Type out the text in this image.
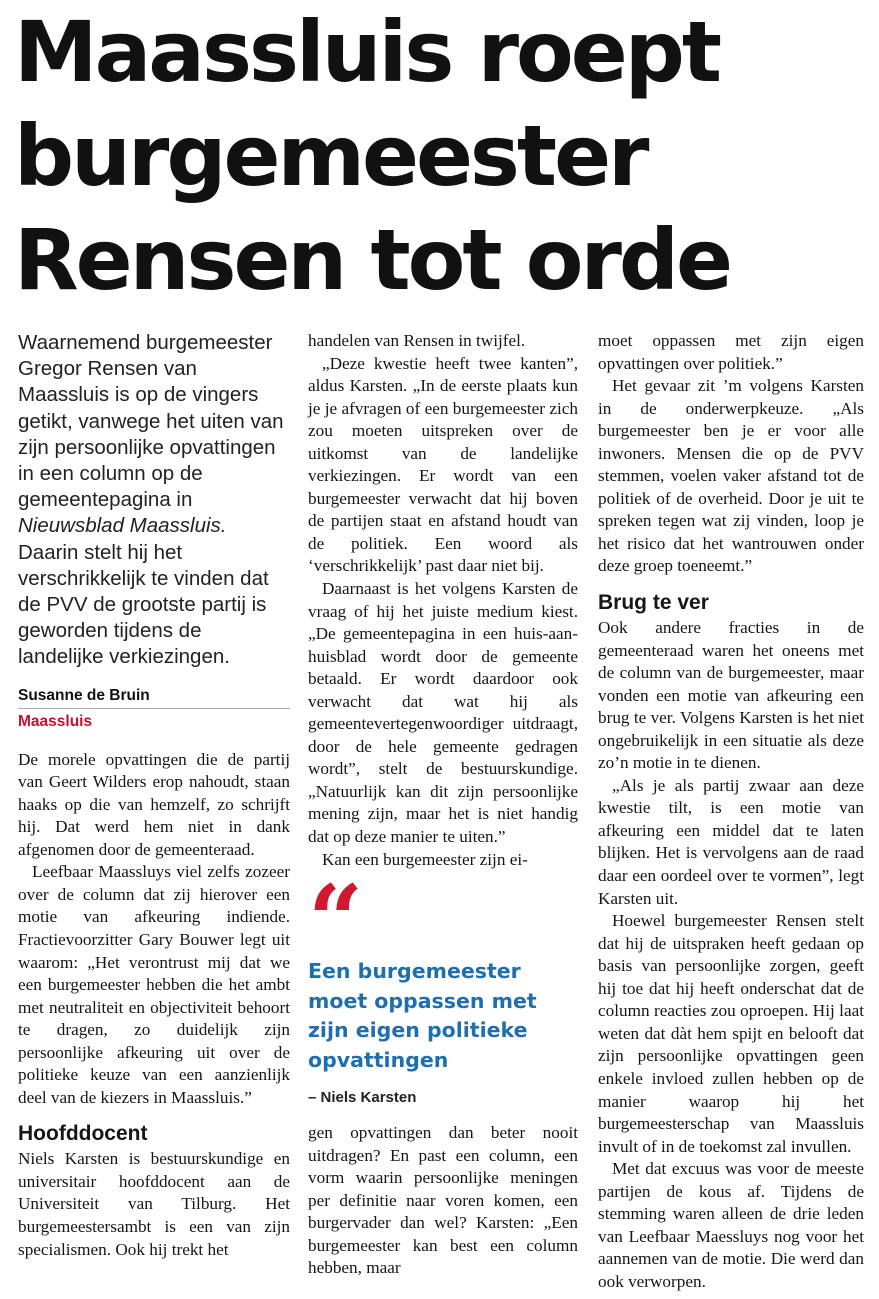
Maassluis roept
burgemeester
Rensen tot orde

Waarnemend burgemeester Gregor Rensen van Maassluis is op de vingers getikt, vanwege het uiten van zijn persoonlijke opvattingen in een column op de gemeentepagina in Nieuwsblad Maassluis. Daarin stelt hij het verschrikkelijk te vinden dat de PVV de grootste partij is geworden tijdens de landelijke verkiezingen.

Susanne de Bruin
Maassluis

De morele opvattingen die de partij van Geert Wilders erop nahoudt, staan haaks op die van hemzelf, zo schrijft hij. Dat werd hem niet in dank afgenomen door de gemeenteraad.

Leefbaar Maassluys viel zelfs zozeer over de column dat zij hierover een motie van afkeuring indiende. Fractievoorzitter Gary Bouwer legt uit waarom: „Het verontrust mij dat we een burgemeester hebben die het ambt met neutraliteit en objectiviteit behoort te dragen, zo duidelijk zijn persoonlijke afkeuring uit over de politieke keuze van een aanzienlijk deel van de kiezers in Maassluis.”

Hoofddocent

Niels Karsten is bestuurskundige en universitair hoofddocent aan de Universiteit van Tilburg. Het burgemeestersambt is een van zijn specialismen. Ook hij trekt het

handelen van Rensen in twijfel.

„Deze kwestie heeft twee kanten”, aldus Karsten. „In de eerste plaats kun je je afvragen of een burgemeester zich zou moeten uitspreken over de uitkomst van de landelijke verkiezingen. Er wordt van een burgemeester verwacht dat hij boven de partijen staat en afstand houdt van de politiek. Een woord als ‘verschrikkelijk’ past daar niet bij.

Daarnaast is het volgens Karsten de vraag of hij het juiste medium kiest. „De gemeentepagina in een huis-aan-huisblad wordt door de gemeente betaald. Er wordt daardoor ook verwacht dat wat hij als gemeentevertegenwoordiger uitdraagt, door de hele gemeente gedragen wordt”, stelt de bestuurskundige. „Natuurlijk kan dit zijn persoonlijke mening zijn, maar het is niet handig dat op deze manier te uiten.”

Kan een burgemeester zijn ei-

“
Een burgemeester moet oppassen met zijn eigen politieke opvattingen
– Niels Karsten

gen opvattingen dan beter nooit uitdragen? En past een column, een vorm waarin persoonlijke meningen per definitie naar voren komen, een burgervader dan wel? Karsten: „Een burgemeester kan best een column hebben, maar

moet oppassen met zijn eigen opvattingen over politiek.”

Het gevaar zit ’m volgens Karsten in de onderwerpkeuze. „Als burgemeester ben je er voor alle inwoners. Mensen die op de PVV stemmen, voelen vaker afstand tot de politiek of de overheid. Door je uit te spreken tegen wat zij vinden, loop je het risico dat het wantrouwen onder deze groep toeneemt.”

Brug te ver

Ook andere fracties in de gemeenteraad waren het oneens met de column van de burgemeester, maar vonden een motie van afkeuring een brug te ver. Volgens Karsten is het niet ongebruikelijk in een situatie als deze zo’n motie in te dienen.

„Als je als partij zwaar aan deze kwestie tilt, is een motie van afkeuring een middel dat te laten blijken. Het is vervolgens aan de raad daar een oordeel over te vormen”, legt Karsten uit.

Hoewel burgemeester Rensen stelt dat hij de uitspraken heeft gedaan op basis van persoonlijke zorgen, geeft hij toe dat hij heeft onderschat dat de column reacties zou oproepen. Hij laat weten dat dàt hem spijt en belooft dat zijn persoonlijke opvattingen geen enkele invloed zullen hebben op de manier waarop hij het burgemeesterschap van Maassluis invult of in de toekomst zal invullen.

Met dat excuus was voor de meeste partijen de kous af. Tijdens de stemming waren alleen de drie leden van Leefbaar Maessluys nog voor het aannemen van de motie. Die werd dan ook verworpen.
